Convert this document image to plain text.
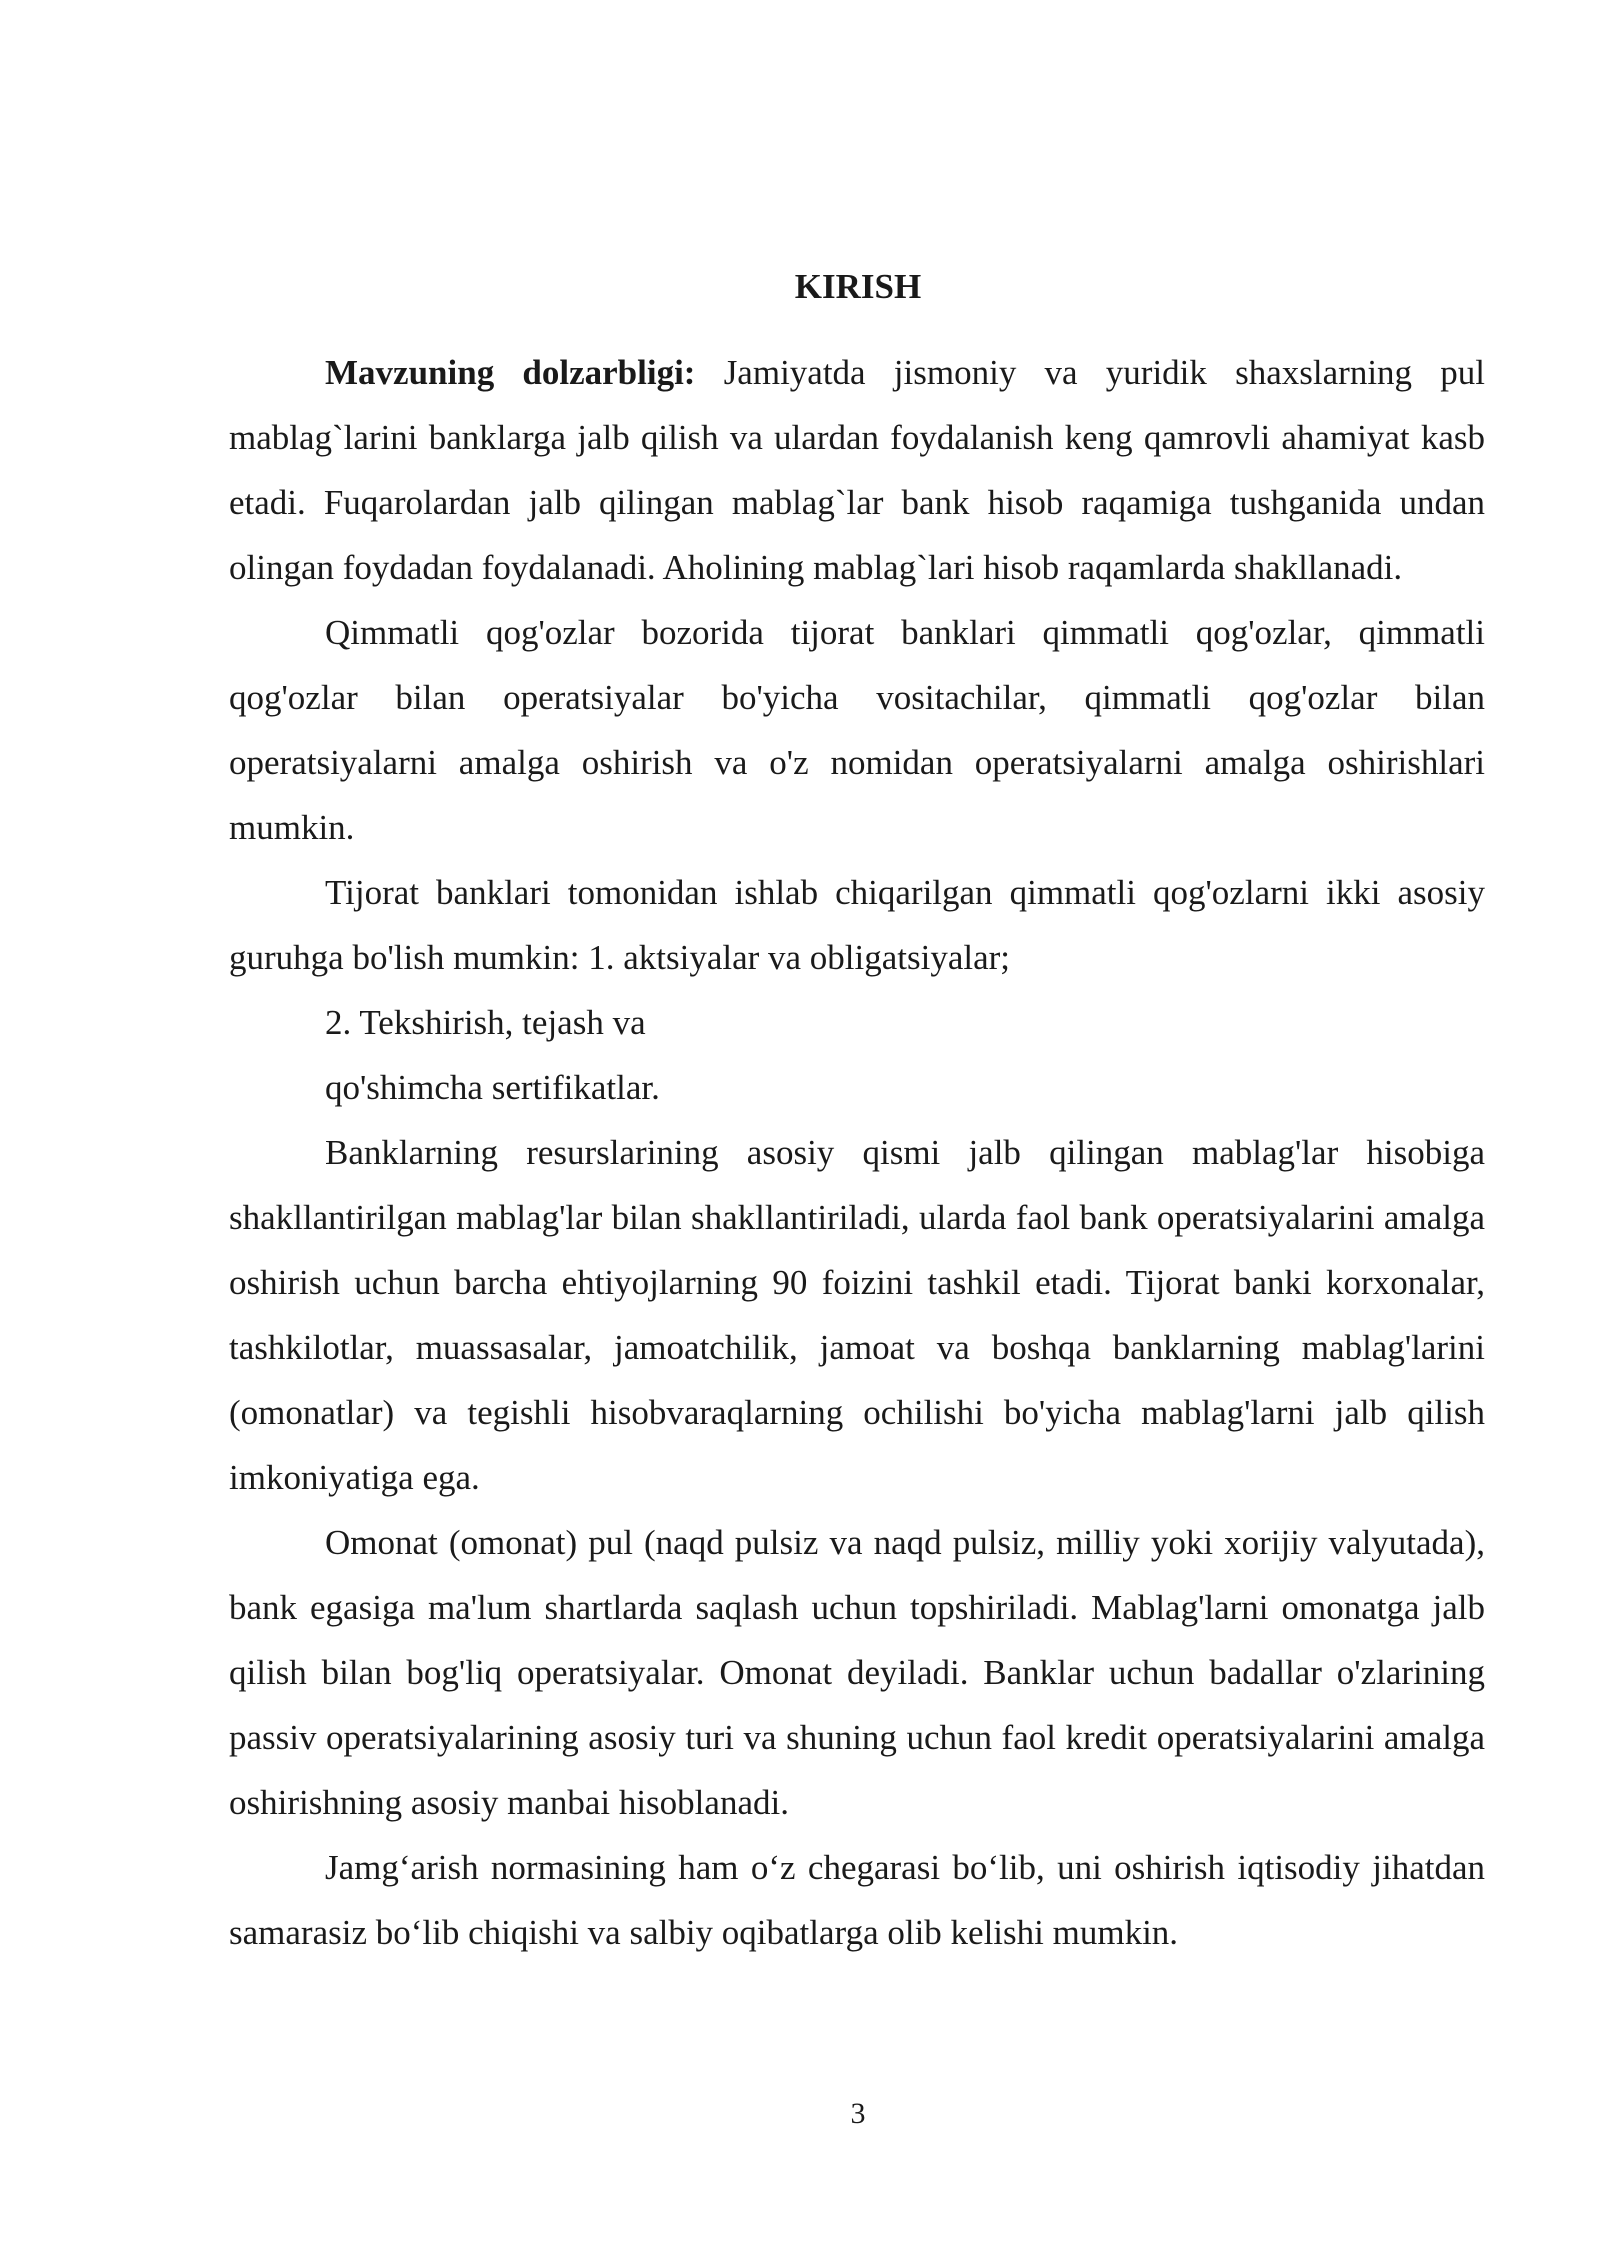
KIRISH

Mavzuning dolzarbligi: Jamiyatda jismoniy va yuridik shaxslarning pul mablag`larini banklarga jalb qilish va ulardan foydalanish keng qamrovli ahamiyat kasb etadi. Fuqarolardan jalb qilingan mablag`lar bank hisob raqamiga tushganida undan olingan foydadan foydalanadi. Aholining mablag`lari hisob raqamlarda shakllanadi.

Qimmatli qog'ozlar bozorida tijorat banklari qimmatli qog'ozlar, qimmatli qog'ozlar bilan operatsiyalar bo'yicha vositachilar, qimmatli qog'ozlar bilan operatsiyalarni amalga oshirish va o'z nomidan operatsiyalarni amalga oshirishlari mumkin.

Tijorat banklari tomonidan ishlab chiqarilgan qimmatli qog'ozlarni ikki asosiy guruhga bo'lish mumkin: 1. aktsiyalar va obligatsiyalar;

2. Tekshirish, tejash va

qo'shimcha sertifikatlar.

Banklarning resurslarining asosiy qismi jalb qilingan mablag'lar hisobiga shakllantirilgan mablag'lar bilan shakllantiriladi, ularda faol bank operatsiyalarini amalga oshirish uchun barcha ehtiyojlarning 90 foizini tashkil etadi. Tijorat banki korxonalar, tashkilotlar, muassasalar, jamoatchilik, jamoat va boshqa banklarning mablag'larini (omonatlar) va tegishli hisobvaraqlarning ochilishi bo'yicha mablag'larni jalb qilish imkoniyatiga ega.

Omonat (omonat) pul (naqd pulsiz va naqd pulsiz, milliy yoki xorijiy valyutada), bank egasiga ma'lum shartlarda saqlash uchun topshiriladi. Mablag'larni omonatga jalb qilish bilan bog'liq operatsiyalar. Omonat deyiladi. Banklar uchun badallar o'zlarining passiv operatsiyalarining asosiy turi va shuning uchun faol kredit operatsiyalarini amalga oshirishning asosiy manbai hisoblanadi.

Jamg‘arish normasining ham o‘z chegarasi bo‘lib, uni oshirish iqtisodiy jihatdan samarasiz bo‘lib chiqishi va salbiy oqibatlarga olib kelishi mumkin.

3
